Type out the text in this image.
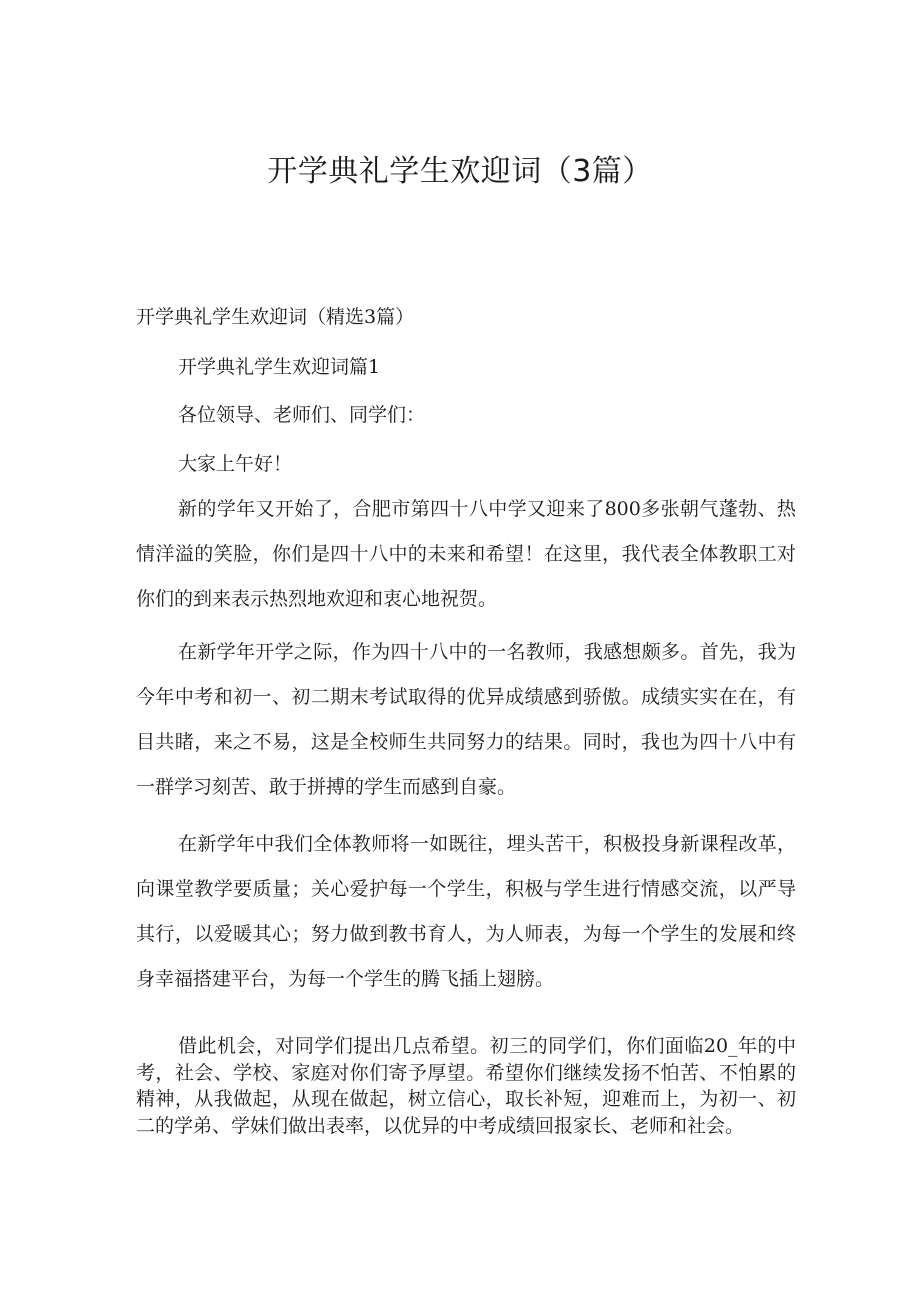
开学典礼学生欢迎词（3篇）
开学典礼学生欢迎词（精选3篇）
开学典礼学生欢迎词篇1
各位领导、老师们、同学们：
大家上午好！
新的学年又开始了，合肥市第四十八中学又迎来了800多张朝气蓬勃、热情洋溢的笑脸，你们是四十八中的未来和希望！在这里，我代表全体教职工对你们的到来表示热烈地欢迎和衷心地祝贺。
在新学年开学之际，作为四十八中的一名教师，我感想颇多。首先，我为今年中考和初一、初二期末考试取得的优异成绩感到骄傲。成绩实实在在，有目共睹，来之不易，这是全校师生共同努力的结果。同时，我也为四十八中有一群学习刻苦、敢于拼搏的学生而感到自豪。
在新学年中我们全体教师将一如既往，埋头苦干，积极投身新课程改革，向课堂教学要质量；关心爱护每一个学生，积极与学生进行情感交流，以严导其行，以爱暖其心；努力做到教书育人，为人师表，为每一个学生的发展和终身幸福搭建平台，为每一个学生的腾飞插上翅膀。
借此机会，对同学们提出几点希望。初三的同学们，你们面临20_年的中考，社会、学校、家庭对你们寄予厚望。希望你们继续发扬不怕苦、不怕累的精神，从我做起，从现在做起，树立信心，取长补短，迎难而上，为初一、初二的学弟、学妹们做出表率，以优异的中考成绩回报家长、老师和社会。
